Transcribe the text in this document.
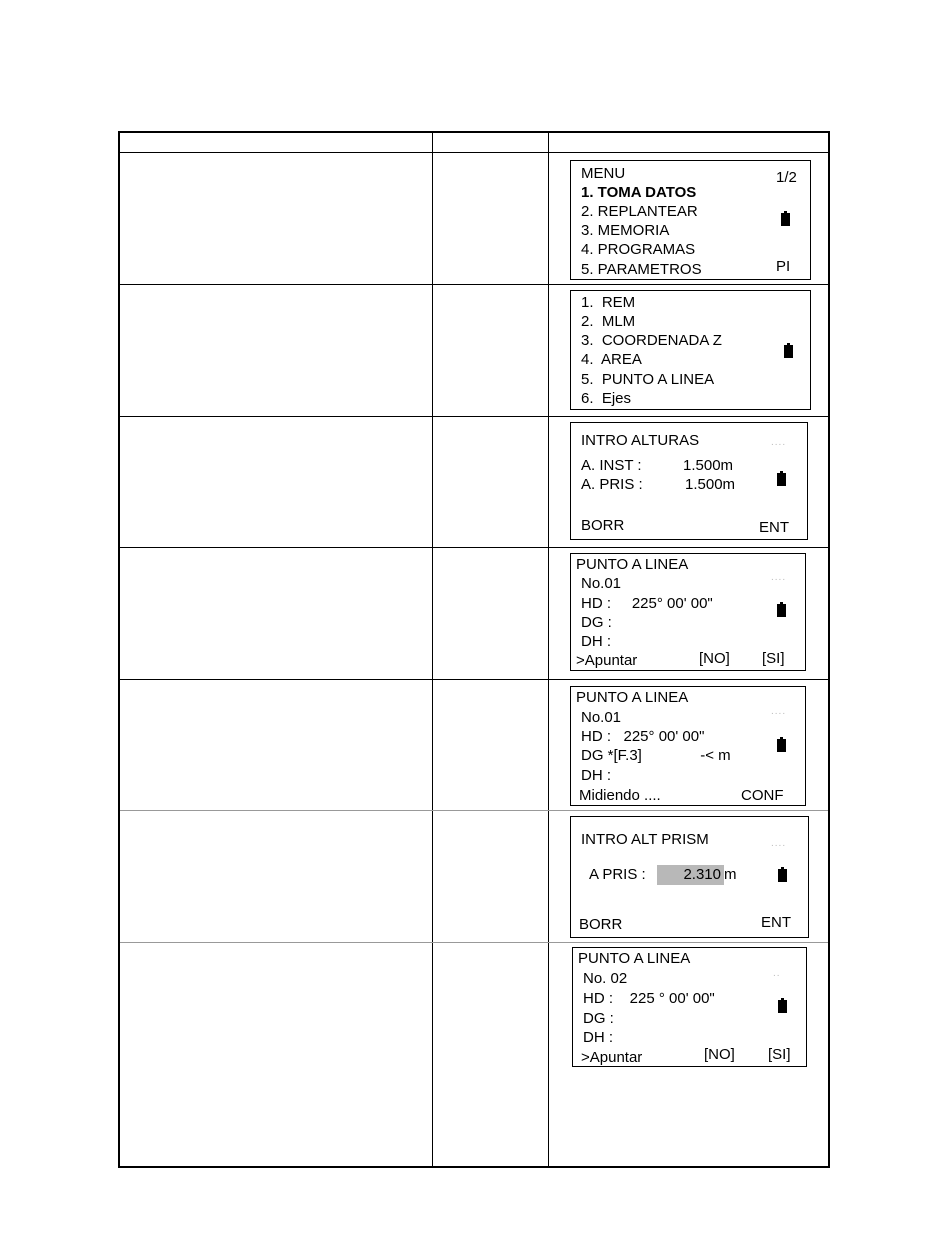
MENU
1. TOMA DATOS
2. REPLANTEAR
3. MEMORIA
4. PROGRAMAS
5. PARAMETROS
1/2
PI
1.  REM
2.  MLM
3.  COORDENADA Z
4.  AREA
5.  PUNTO A LINEA
6.  Ejes
INTRO ALTURAS	....
A. INST :	1.500m
A. PRIS :	1.500m
BORR	ENT
PUNTO A LINEA
....
No.01
HD :     225° 00' 00"
DG :
DH :
>Apuntar	[NO] [SI]
PUNTO A LINEA
....
No.01
HD :   225° 00' 00"
DG *[F.3]              -< m
DH :
Midiendo ....	CONF
INTRO ALT PRISM	....
A PRIS :	2.310 m
BORR	ENT
PUNTO A LINEA
..
No. 02
HD :    225 ° 00' 00"
DG :
DH :
>Apuntar	[NO] [SI]
